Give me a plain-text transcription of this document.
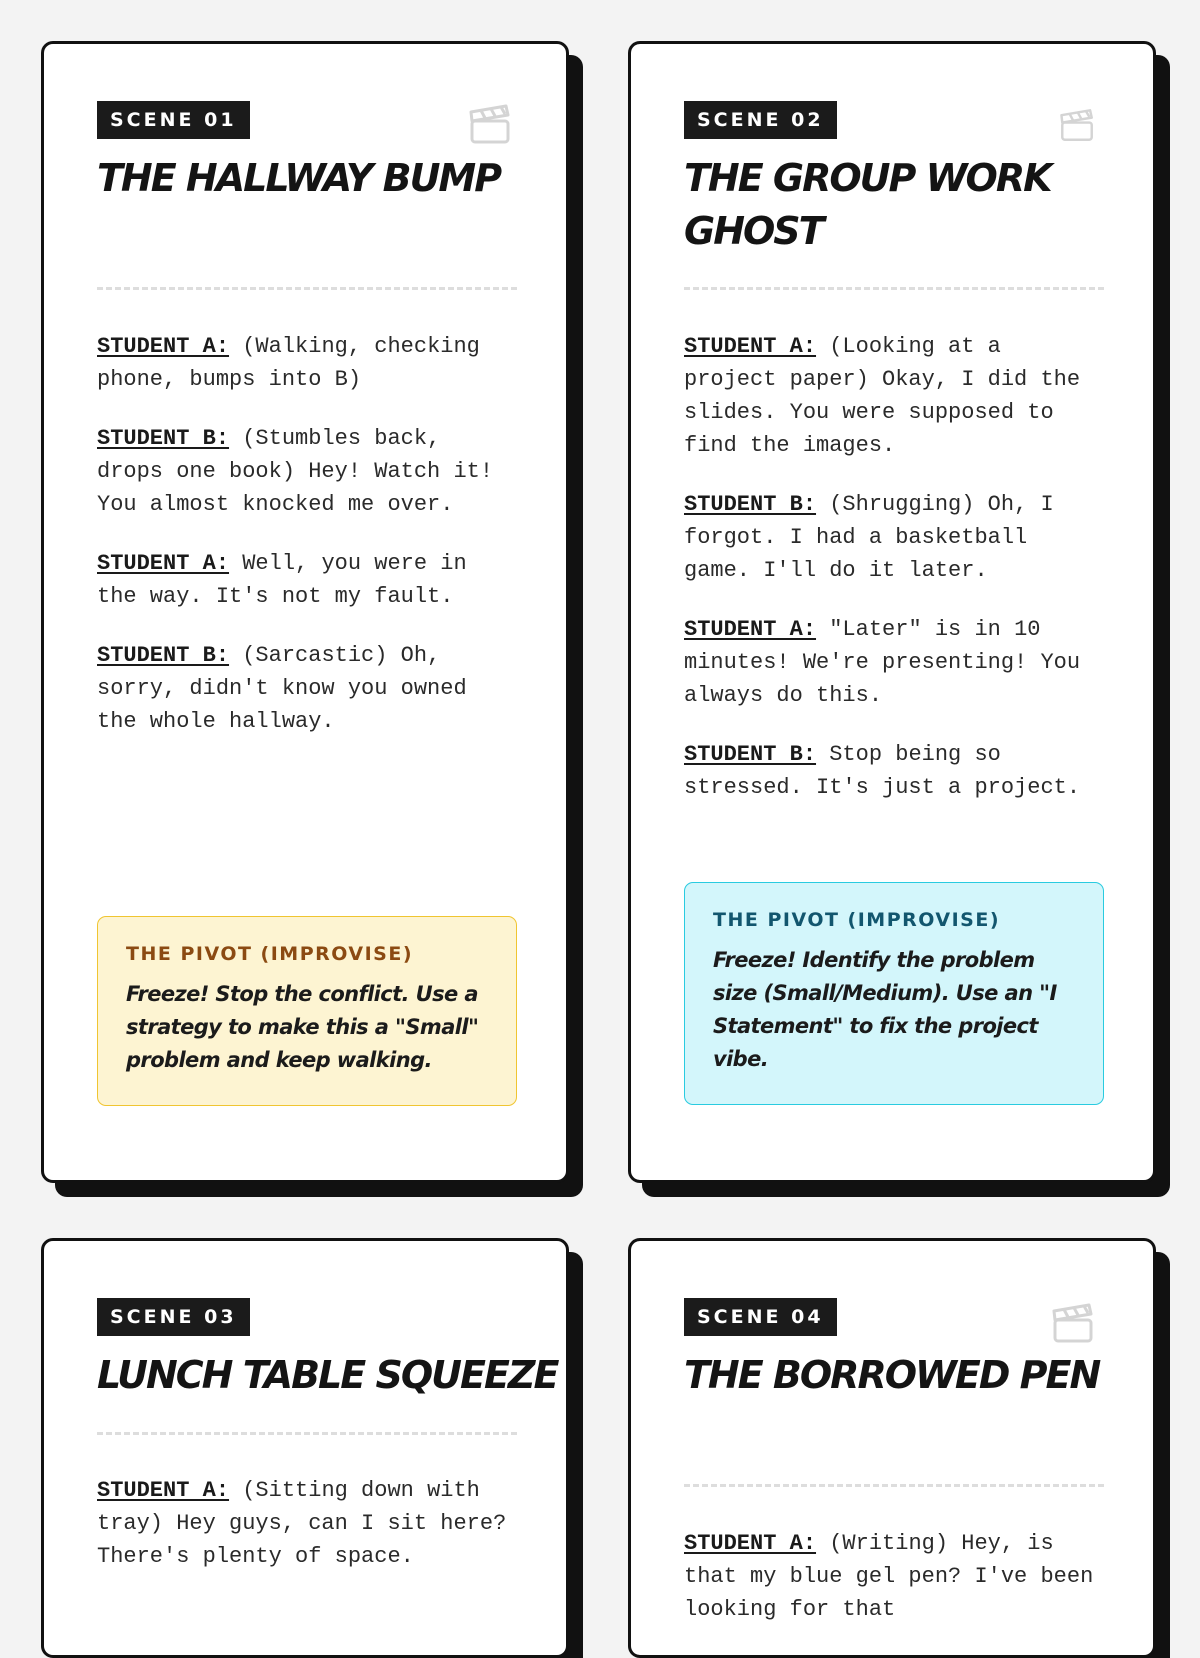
SCENE 01
THE HALLWAY BUMP

STUDENT A: (Walking, checking phone, bumps into B)

STUDENT B: (Stumbles back, drops one book) Hey! Watch it! You almost knocked me over.

STUDENT A: Well, you were in the way. It's not my fault.

STUDENT B: (Sarcastic) Oh, sorry, didn't know you owned the whole hallway.

THE PIVOT (IMPROVISE)
Freeze! Stop the conflict. Use a strategy to make this a "Small" problem and keep walking.
SCENE 02
THE GROUP WORK GHOST

STUDENT A: (Looking at a project paper) Okay, I did the slides. You were supposed to find the images.

STUDENT B: (Shrugging) Oh, I forgot. I had a basketball game. I'll do it later.

STUDENT A: "Later" is in 10 minutes! We're presenting! You always do this.

STUDENT B: Stop being so stressed. It's just a project.

THE PIVOT (IMPROVISE)
Freeze! Identify the problem size (Small/Medium). Use an "I Statement" to fix the project vibe.
SCENE 03
LUNCH TABLE SQUEEZE

STUDENT A: (Sitting down with tray) Hey guys, can I sit here? There's plenty of space.

SCENE 04
THE BORROWED PEN

STUDENT A: (Writing) Hey, is that my blue gel pen? I've been looking for that
